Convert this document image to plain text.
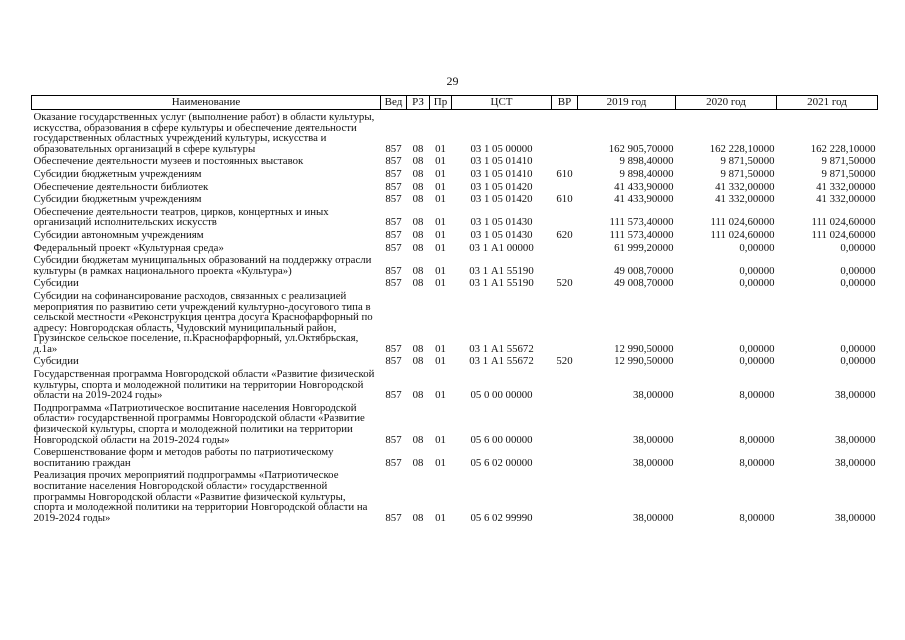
29
Наименование	Вед	РЗ	Пр	ЦСТ	ВР	2019 год	2020 год	2021 год
Оказание государственных услуг (выполнение работ) в области культуры, искусства, образования в сфере культуры и обеспечение деятельности государственных областных учреждений культуры, искусства и образовательных организаций в сфере культуры	857	08	01	03 1 05 00000		162 905,70000	162 228,10000	162 228,10000
Обеспечение деятельности музеев и постоянных выставок	857	08	01	03 1 05 01410		9 898,40000	9 871,50000	9 871,50000
Субсидии бюджетным учреждениям	857	08	01	03 1 05 01410	610	9 898,40000	9 871,50000	9 871,50000
Обеспечение деятельности библиотек	857	08	01	03 1 05 01420		41 433,90000	41 332,00000	41 332,00000
Субсидии бюджетным учреждениям	857	08	01	03 1 05 01420	610	41 433,90000	41 332,00000	41 332,00000
Обеспечение деятельности театров, цирков, концертных и иных организаций исполнительских искусств	857	08	01	03 1 05 01430		111 573,40000	111 024,60000	111 024,60000
Субсидии автономным учреждениям	857	08	01	03 1 05 01430	620	111 573,40000	111 024,60000	111 024,60000
Федеральный проект «Культурная среда»	857	08	01	03 1 А1 00000		61 999,20000	0,00000	0,00000
Субсидии бюджетам муниципальных образований на поддержку отрасли культуры (в рамках национального проекта «Культура»)	857	08	01	03 1 А1 55190		49 008,70000	0,00000	0,00000
Субсидии	857	08	01	03 1 А1 55190	520	49 008,70000	0,00000	0,00000
Субсидии на софинансирование расходов, связанных с реализацией мероприятия по развитию сети учреждений культурно-досугового типа в сельской местности «Реконструкция центра досуга Краснофарфорный по адресу: Новгородская область, Чудовский муниципальный район, Грузинское сельское поселение, п.Краснофарфорный, ул.Октябрьская, д.1а»	857	08	01	03 1 А1 55672		12 990,50000	0,00000	0,00000
Субсидии	857	08	01	03 1 А1 55672	520	12 990,50000	0,00000	0,00000
Государственная программа Новгородской области «Развитие физической культуры, спорта и молодежной политики на территории Новгородской области на 2019-2024 годы»	857	08	01	05 0 00 00000		38,00000	8,00000	38,00000
Подпрограмма «Патриотическое воспитание населения Новгородской области» государственной программы Новгородской области «Развитие физической культуры, спорта и молодежной политики на территории Новгородской области на 2019-2024 годы»	857	08	01	05 6 00 00000		38,00000	8,00000	38,00000
Совершенствование форм и методов работы по патриотическому воспитанию граждан	857	08	01	05 6 02 00000		38,00000	8,00000	38,00000
Реализация прочих мероприятий подпрограммы «Патриотическое воспитание населения Новгородской области» государственной программы Новгородской области «Развитие физической культуры, спорта и молодежной политики на территории Новгородской области на 2019-2024 годы»	857	08	01	05 6 02 99990		38,00000	8,00000	38,00000
